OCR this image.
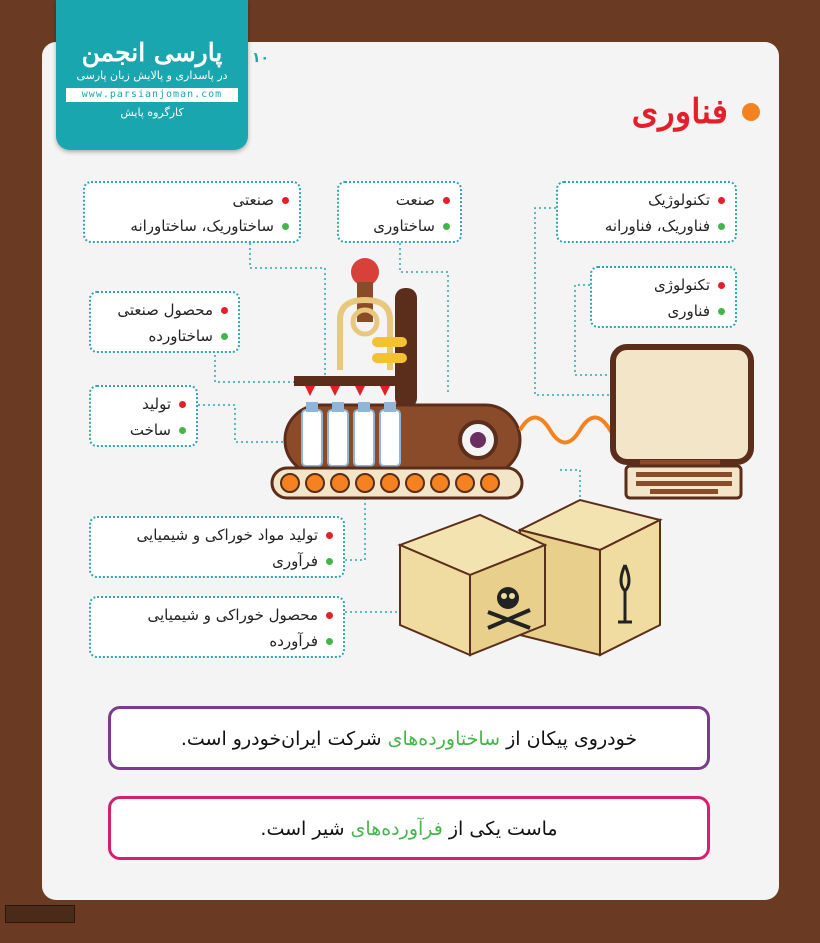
پارسی انجمن
در پاسداری و پالایش زبان پارسی
www.parsianjoman.com
کارگروه پایش
۱۰
فناوری
صنعتی
ساختاوریک، ساختاورانه
صنعت
ساختاوری
تکنولوژیک
فناوریک، فناورانه
تکنولوژی
فناوری
محصول صنعتی
ساختاورده
تولید
ساخت
تولید مواد خوراکی و شیمیایی
فرآوری
محصول خوراکی و شیمیایی
فرآورده
خودروی پیکان از ساختاورده‌های شرکت ایران‌خودرو است.
ماست یکی از فرآورده‌های شیر است.
